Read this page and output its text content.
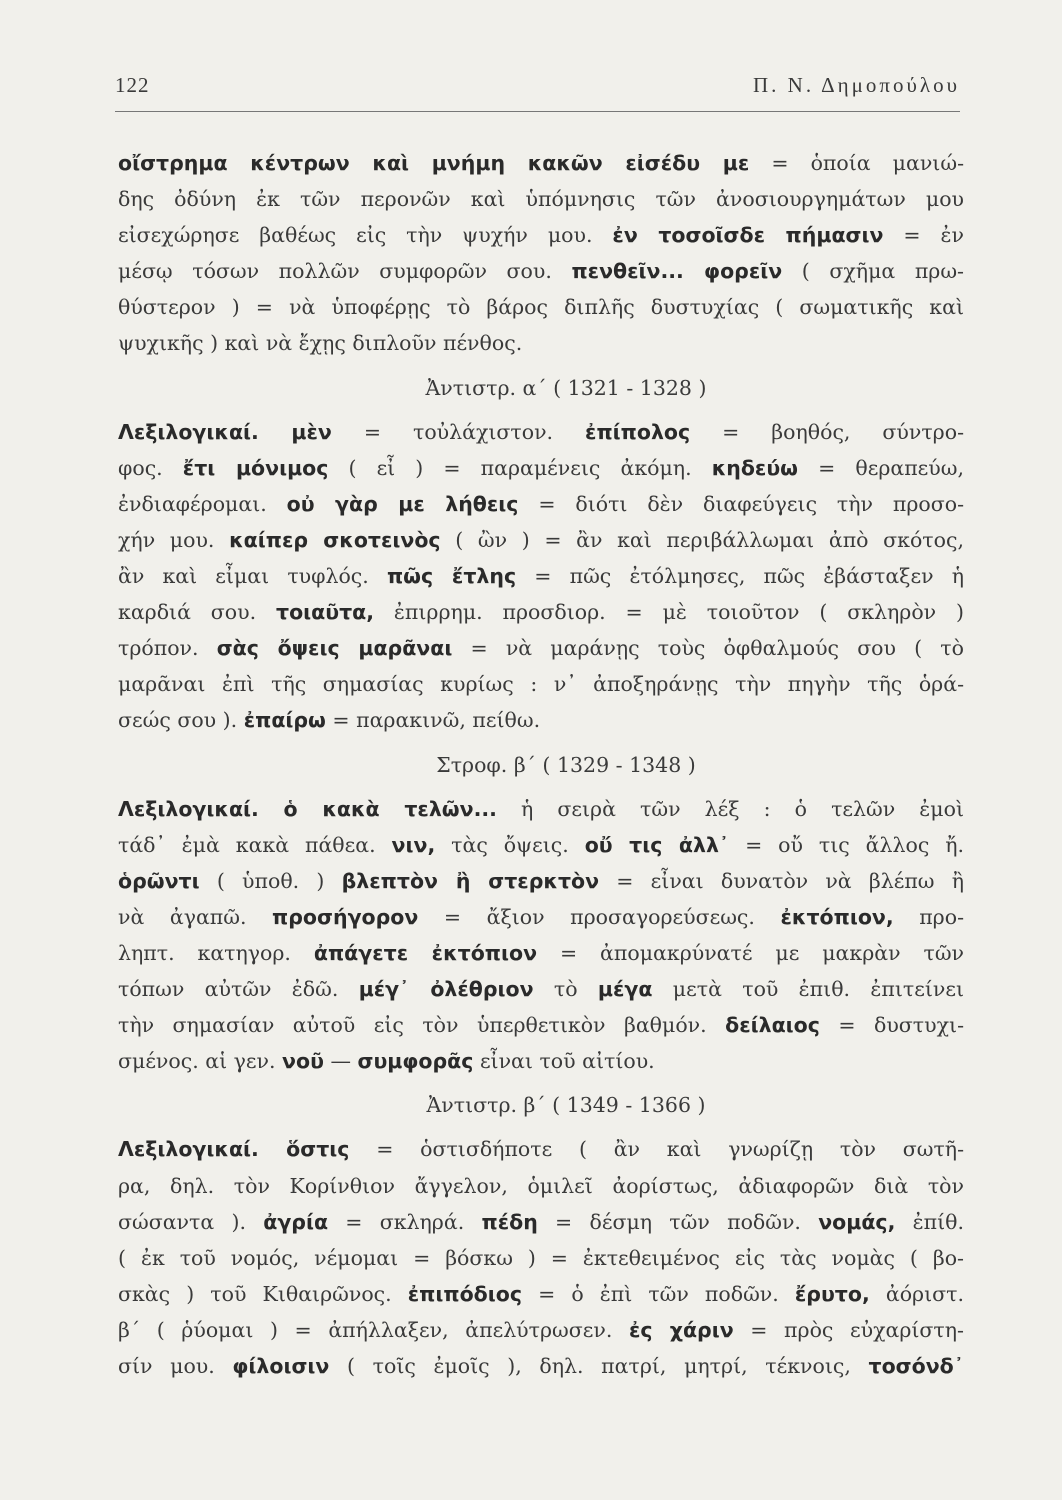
122	Π. Ν. Δημοπούλου
οἴστρημα κέντρων καὶ μνήμη κακῶν εἰσέδυ με = ὁποία μανιώ-
δης ὀδύνη ἐκ τῶν περονῶν καὶ ὑπόμνησις τῶν ἀνοσιουργημάτων μου
εἰσεχώρησε βαθέως εἰς τὴν ψυχήν μου. ἐν τοσοῖσδε πήμασιν = ἐν
μέσῳ τόσων πολλῶν συμφορῶν σου. πενθεῖν... φορεῖν ( σχῆμα πρω-
θύστερον ) = νὰ ὑποφέρῃς τὸ βάρος διπλῆς δυστυχίας ( σωματικῆς καὶ
ψυχικῆς ) καὶ νὰ ἔχῃς διπλοῦν πένθος.
Ἀντιστρ. α΄ ( 1321 - 1328 )
Λεξιλογικαί. μὲν = τοὐλάχιστον. ἐπίπολος = βοηθός, σύντρο-
φος. ἔτι μόνιμος ( εἶ ) = παραμένεις ἀκόμη. κηδεύω = θεραπεύω,
ἐνδιαφέρομαι. οὐ γὰρ με λήθεις = διότι δὲν διαφεύγεις τὴν προσο-
χήν μου. καίπερ σκοτεινὸς ( ὢν ) = ἂν καὶ περιβάλλωμαι ἀπὸ σκότος,
ἂν καὶ εἶμαι τυφλός. πῶς ἔτλης = πῶς ἐτόλμησες, πῶς ἐβάσταξεν ἡ
καρδιά σου. τοιαῦτα, ἐπιρρημ. προσδιορ. = μὲ τοιοῦτον ( σκληρὸν )
τρόπον. σὰς ὄψεις μαρᾶναι = νὰ μαράνῃς τοὺς ὀφθαλμούς σου ( τὸ
μαρᾶναι ἐπὶ τῆς σημασίας κυρίως : ν᾽ ἀποξηράνῃς τὴν πηγὴν τῆς ὁρά-
σεώς σου ). ἐπαίρω = παρακινῶ, πείθω.
Στροφ. β΄ ( 1329 - 1348 )
Λεξιλογικαί. ὁ κακὰ τελῶν... ἡ σειρὰ τῶν λέξ : ὁ τελῶν ἐμοὶ
τάδ᾽ ἐμὰ κακὰ πάθεα. νιν, τὰς ὄψεις. οὔ τις ἀλλ᾽ = οὔ τις ἄλλος ἤ.
ὁρῶντι ( ὑποθ. ) βλεπτὸν ἢ στερκτὸν = εἶναι δυνατὸν νὰ βλέπω ἢ
νὰ ἀγαπῶ. προσήγορον = ἄξιον προσαγορεύσεως. ἐκτόπιον, προ-
ληπτ. κατηγορ. ἀπάγετε ἐκτόπιον = ἀπομακρύνατέ με μακρὰν τῶν
τόπων αὐτῶν ἐδῶ. μέγ᾽ ὀλέθριον τὸ μέγα μετὰ τοῦ ἐπιθ. ἐπιτείνει
τὴν σημασίαν αὐτοῦ εἰς τὸν ὑπερθετικὸν βαθμόν. δείλαιος = δυστυχι-
σμένος. αἱ γεν. νοῦ — συμφορᾶς εἶναι τοῦ αἰτίου.
Ἀντιστρ. β΄ ( 1349 - 1366 )
Λεξιλογικαί. ὅστις = ὁστισδήποτε ( ἂν καὶ γνωρίζῃ τὸν σωτῆ-
ρα, δηλ. τὸν Κορίνθιον ἄγγελον, ὁμιλεῖ ἀορίστως, ἀδιαφορῶν διὰ τὸν
σώσαντα ). ἀγρία = σκληρά. πέδη = δέσμη τῶν ποδῶν. νομάς, ἐπίθ.
( ἐκ τοῦ νομός, νέμομαι = βόσκω ) = ἐκτεθειμένος εἰς τὰς νομὰς ( βο-
σκὰς ) τοῦ Κιθαιρῶνος. ἐπιπόδιος = ὁ ἐπὶ τῶν ποδῶν. ἔρυτο, ἀόριστ.
β΄ ( ῥύομαι ) = ἀπήλλαξεν, ἀπελύτρωσεν. ἐς χάριν = πρὸς εὐχαρίστη-
σίν μου. φίλοισιν ( τοῖς ἐμοῖς ), δηλ. πατρί, μητρί, τέκνοις, τοσόνδ᾽
